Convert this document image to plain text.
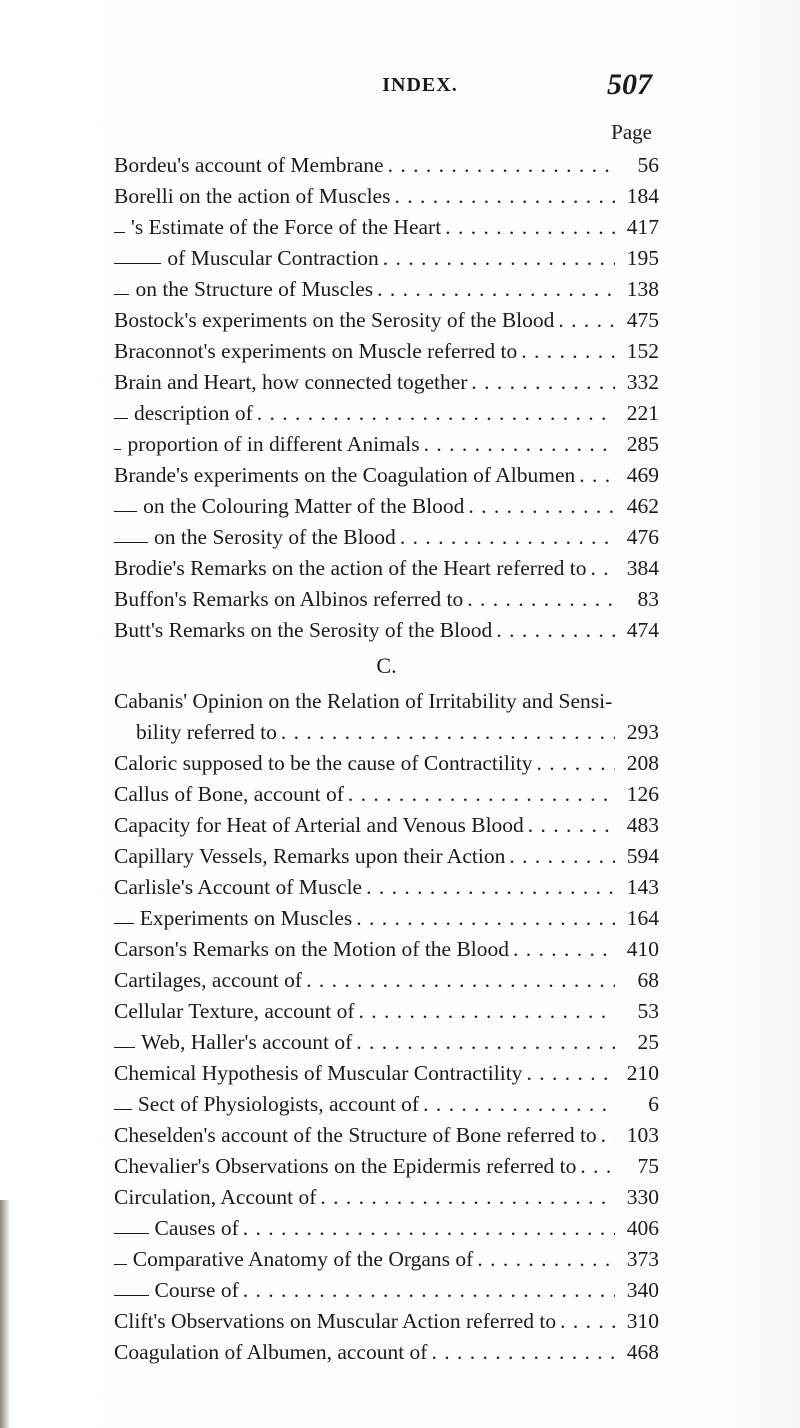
INDEX.	507
Page
Bordeu's account of Membrane . . .	56
Borelli on the action of Muscles . . .	184
's Estimate of the Force of the Heart . . .	417
of Muscular Contraction . . .	195
on the Structure of Muscles . . .	138
Bostock's experiments on the Serosity of the Blood . . .	475
Braconnot's experiments on Muscle referred to . . .	152
Brain and Heart, how connected together . . .	332
description of . . .	221
proportion of in different Animals . . .	285
Brande's experiments on the Coagulation of Albumen . . .	469
on the Colouring Matter of the Blood . . .	462
on the Serosity of the Blood . . .	476
Brodie's Remarks on the action of the Heart referred to . . .	384
Buffon's Remarks on Albinos referred to . . .	83
Butt's Remarks on the Serosity of the Blood . . .	474
C.
Cabanis' Opinion on the Relation of Irritability and Sensi-
bility referred to . . .	293
Caloric supposed to be the cause of Contractility . . .	208
Callus of Bone, account of . . .	126
Capacity for Heat of Arterial and Venous Blood . . .	483
Capillary Vessels, Remarks upon their Action . . .	594
Carlisle's Account of Muscle . . .	143
Experiments on Muscles . . .	164
Carson's Remarks on the Motion of the Blood . . .	410
Cartilages, account of . . .	68
Cellular Texture, account of . . .	53
Web, Haller's account of . . .	25
Chemical Hypothesis of Muscular Contractility . . .	210
Sect of Physiologists, account of . . .	6
Cheselden's account of the Structure of Bone referred to . . .	103
Chevalier's Observations on the Epidermis referred to . . .	75
Circulation, Account of . . .	330
Causes of . . .	406
Comparative Anatomy of the Organs of . . .	373
Course of . . .	340
Clift's Observations on Muscular Action referred to . . .	310
Coagulation of Albumen, account of . . .	468
